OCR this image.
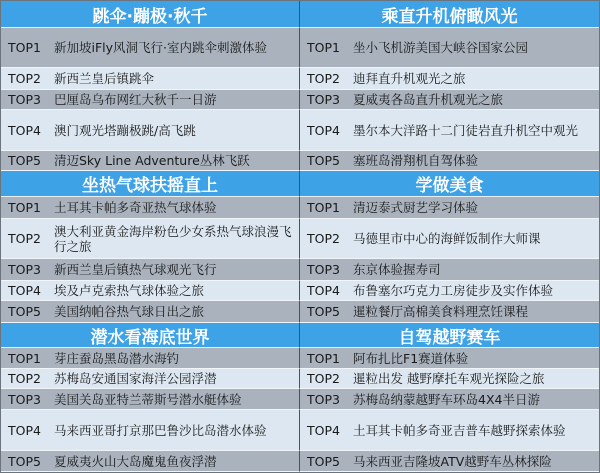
跳伞·蹦极·秋千	乘直升机俯瞰风光
TOP1	新加坡iFly风洞飞行·室内跳伞刺激体验	TOP1	坐小飞机游美国大峡谷国家公园
TOP2	新西兰皇后镇跳伞	TOP2	迪拜直升机观光之旅
TOP3	巴厘岛乌布网红大秋千一日游	TOP3	夏威夷各岛直升机观光之旅
TOP4	澳门观光塔蹦极跳/高飞跳	TOP4	墨尔本大洋路十二门徒岩直升机空中观光
TOP5	清迈Sky Line Adventure丛林飞跃	TOP5	塞班岛滑翔机自驾体验
坐热气球扶摇直上	学做美食
TOP1	土耳其卡帕多奇亚热气球体验	TOP1	清迈泰式厨艺学习体验
TOP2	澳大利亚黄金海岸粉色少女系热气球浪漫飞行之旅	TOP2	马德里市中心的海鲜饭制作大师课
TOP3	新西兰皇后镇热气球观光飞行	TOP3	东京体验握寿司
TOP4	埃及卢克索热气球体验之旅	TOP4	布鲁塞尔巧克力工房徒步及实作体验
TOP5	美国纳帕谷热气球日出之旅	TOP5	暹粒餐厅高棉美食料理烹饪课程
潜水看海底世界	自驾越野赛车
TOP1	芽庄蚕岛黑岛潜水海钓	TOP1	阿布扎比F1赛道体验
TOP2	苏梅岛安通国家海洋公园浮潜	TOP2	暹粒出发 越野摩托车观光探险之旅
TOP3	美国关岛亚特兰蒂斯号潜水艇体验	TOP3	苏梅岛纳蒙越野车环岛4X4半日游
TOP4	马来西亚哥打京那巴鲁沙比岛潜水体验	TOP4	土耳其卡帕多奇亚吉普车越野探索体验
TOP5	夏威夷火山大岛魔鬼鱼夜浮潜	TOP5	马来西亚吉隆坡ATV越野车丛林探险
